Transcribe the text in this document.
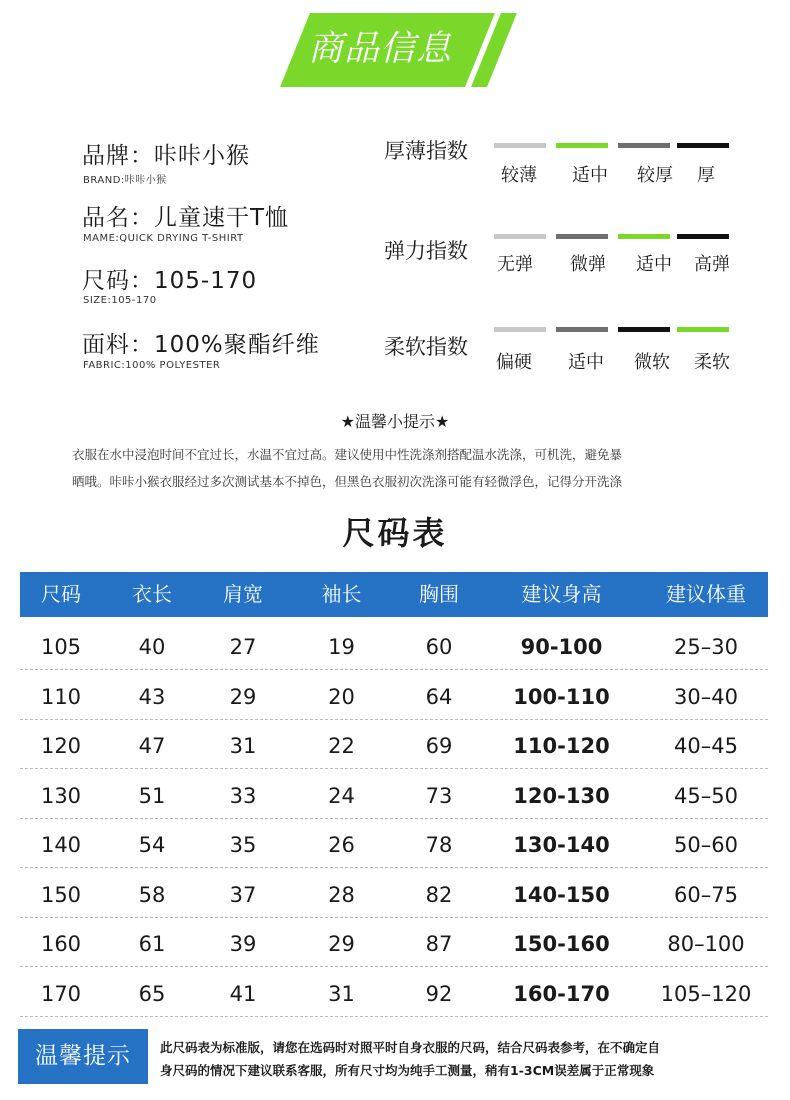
商品信息
品牌：咔咔小猴
BRAND:咔咔小猴
品名：儿童速干T恤
MAME:QUICK DRYING T-SHIRT
尺码：105-170
SIZE:105-170
面料：100%聚酯纤维
FABRIC:100% POLYESTER
厚薄指数
较薄	适中	较厚	厚
弹力指数
无弹	微弹	适中	高弹
柔软指数
偏硬	适中	微软	柔软
★温馨小提示★
衣服在水中浸泡时间不宜过长，水温不宜过高。建议使用中性洗涤剂搭配温水洗涤，可机洗，避免暴
晒哦。咔咔小猴衣服经过多次测试基本不掉色，但黑色衣服初次洗涤可能有轻微浮色，记得分开洗涤
尺码表
尺码	衣长	肩宽	袖长	胸围	建议身高	建议体重
105	40	27	19	60	90-100	25–30
110	43	29	20	64	100-110	30–40
120	47	31	22	69	110-120	40–45
130	51	33	24	73	120-130	45–50
140	54	35	26	78	130-140	50–60
150	58	37	28	82	140-150	60–75
160	61	39	29	87	150-160	80–100
170	65	41	31	92	160-170	105–120
温馨提示	此尺码表为标准版，请您在选码时对照平时自身衣服的尺码，结合尺码表参考，在不确定自
身尺码的情况下建议联系客服，所有尺寸均为纯手工测量，稍有1-3CM误差属于正常现象
